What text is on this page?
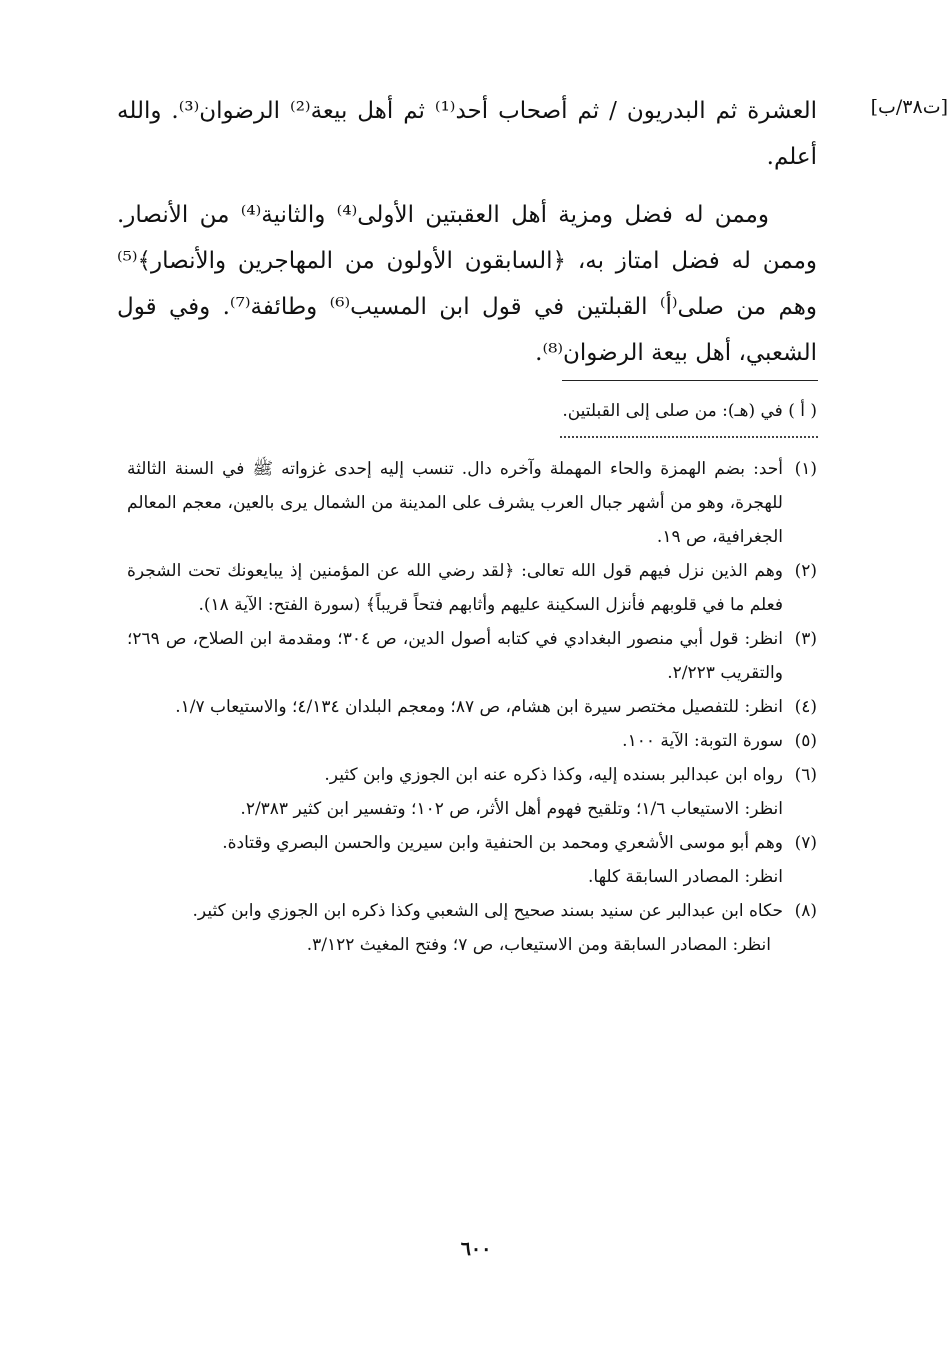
[ت٣٨/ب]

العشرة ثم البدريون / ثم أصحاب أحد⁽¹⁾ ثم أهل بيعة⁽²⁾ الرضوان⁽³⁾. والله أعلم.

وممن له فضل ومزية أهل العقبتين الأولى⁽⁴⁾ والثانية⁽⁴⁾ من الأنصار. وممن له فضل امتاز به، ﴿السابقون الأولون من المهاجرين والأنصار﴾⁽⁵⁾ وهم من صلى⁽أ⁾ القبلتين في قول ابن المسيب⁽⁶⁾ وطائفة⁽⁷⁾. وفي قول الشعبي، أهل بيعة الرضوان⁽⁸⁾.

( أ ) في (هـ): من صلى إلى القبلتين.
(١)
أحد: بضم الهمزة والحاء المهملة وآخره دال. تنسب إليه إحدى غزواته ﷺ في السنة الثالثة للهجرة، وهو من أشهر جبال العرب يشرف على المدينة من الشمال يرى بالعين، معجم المعالم الجغرافية، ص ١٩.
(٢)
وهم الذين نزل فيهم قول الله تعالى: ﴿لقد رضي الله عن المؤمنين إذ يبايعونك تحت الشجرة فعلم ما في قلوبهم فأنزل السكينة عليهم وأثابهم فتحاً قريباً﴾ (سورة الفتح: الآية ١٨).
(٣)
انظر: قول أبي منصور البغدادي في كتابه أصول الدين، ص ٣٠٤؛ ومقدمة ابن الصلاح، ص ٢٦٩؛ والتقريب ٢/٢٢٣.
(٤)
انظر: للتفصيل مختصر سيرة ابن هشام، ص ٨٧؛ ومعجم البلدان ٤/١٣٤؛ والاستيعاب ١/٧.
(٥)
سورة التوبة: الآية ١٠٠.
(٦)
رواه ابن عبدالبر بسنده إليه، وكذا ذكره عنه ابن الجوزي وابن كثير.
انظر: الاستيعاب ١/٦؛ وتلقيح فهوم أهل الأثر، ص ١٠٢؛ وتفسير ابن كثير ٢/٣٨٣.
(٧)
وهم أبو موسى الأشعري ومحمد بن الحنفية وابن سيرين والحسن البصري وقتادة.
انظر: المصادر السابقة كلها.
(٨)
حكاه ابن عبدالبر عن سنيد بسند صحيح إلى الشعبي وكذا ذكره ابن الجوزي وابن كثير.
انظر: المصادر السابقة ومن الاستيعاب، ص ٧؛ وفتح المغيث ٣/١٢٢.
٦٠٠
